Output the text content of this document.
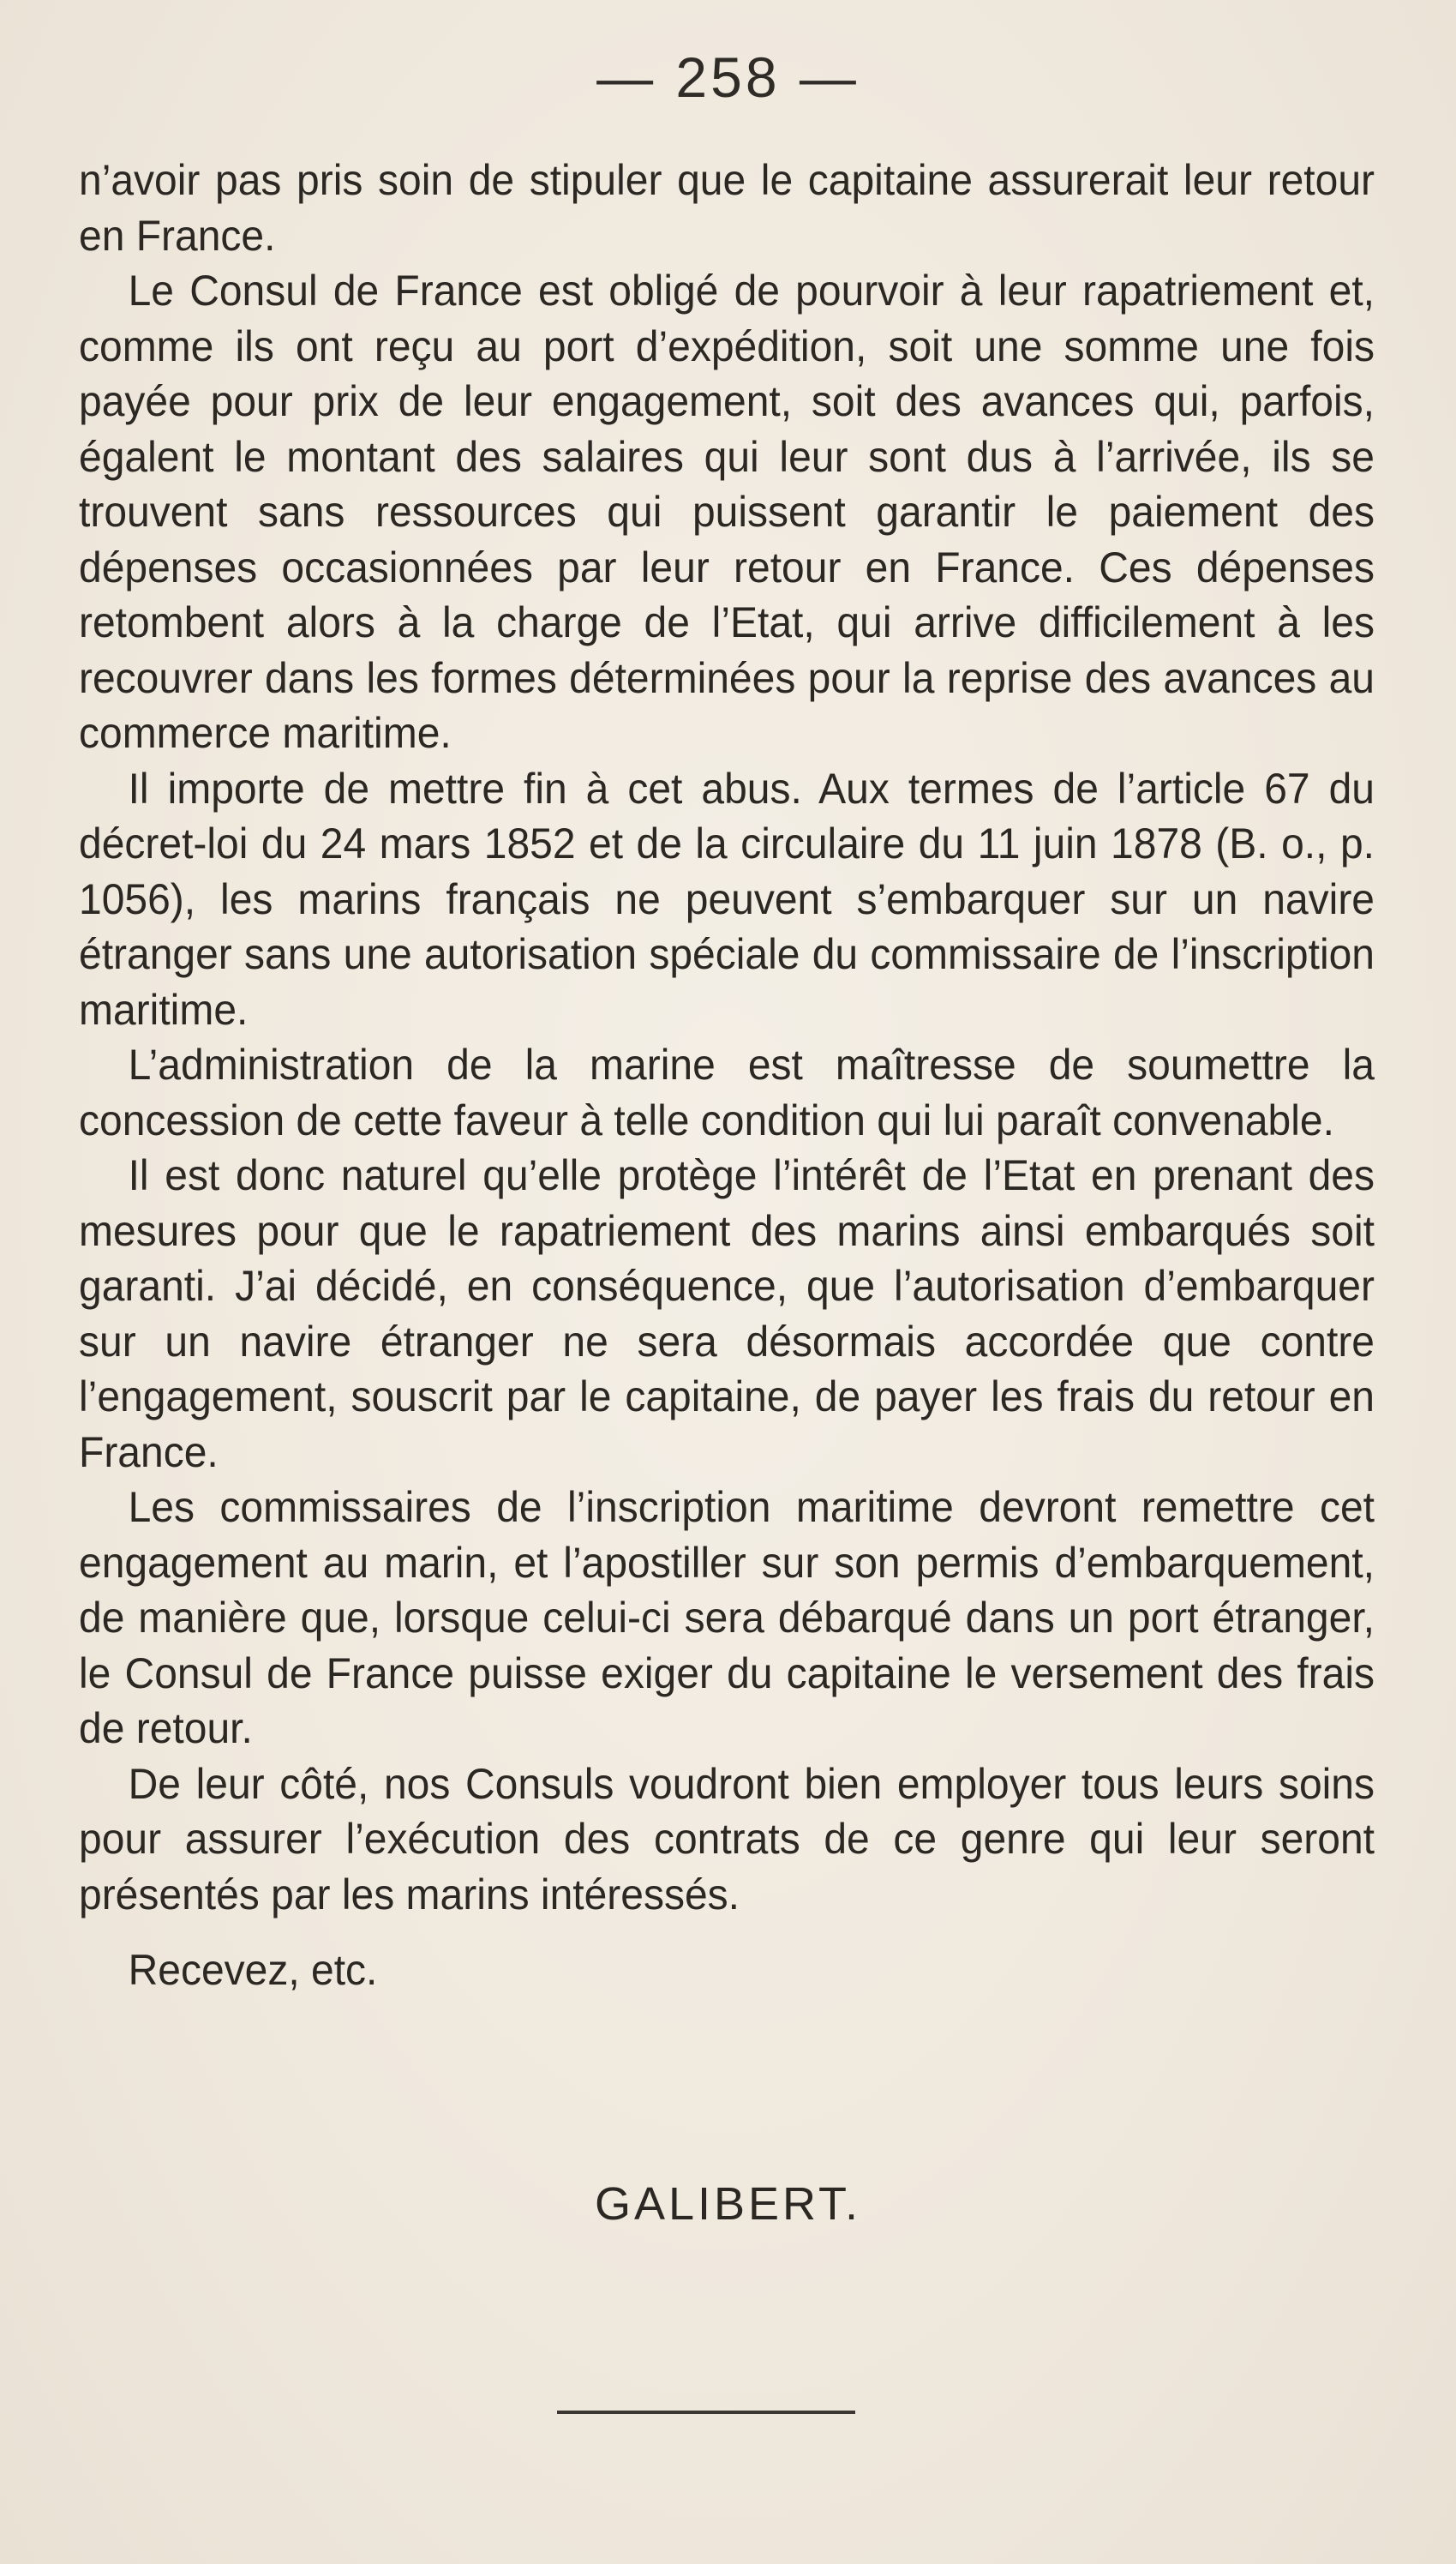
— 258 —

n’avoir pas pris soin de stipuler que le capitaine assurerait leur retour en France.

Le Consul de France est obligé de pourvoir à leur rapatriement et, comme ils ont reçu au port d’expédition, soit une somme une fois payée pour prix de leur engagement, soit des avances qui, parfois, égalent le montant des salaires qui leur sont dus à l’arrivée, ils se trouvent sans ressources qui puissent garantir le paiement des dépenses occasionnées par leur retour en France. Ces dépenses retombent alors à la charge de l’Etat, qui arrive difficilement à les recouvrer dans les formes déterminées pour la reprise des avances au commerce maritime.

Il importe de mettre fin à cet abus. Aux termes de l’article 67 du décret-loi du 24 mars 1852 et de la circulaire du 11 juin 1878 (B. o., p. 1056), les marins français ne peuvent s’embarquer sur un navire étranger sans une autorisation spéciale du commissaire de l’inscription maritime.

L’administration de la marine est maîtresse de soumettre la concession de cette faveur à telle condition qui lui paraît convenable.

Il est donc naturel qu’elle protège l’intérêt de l’Etat en prenant des mesures pour que le rapatriement des marins ainsi embarqués soit garanti. J’ai décidé, en conséquence, que l’autorisation d’embarquer sur un navire étranger ne sera désormais accordée que contre l’engagement, souscrit par le capitaine, de payer les frais du retour en France.

Les commissaires de l’inscription maritime devront remettre cet engagement au marin, et l’apostiller sur son permis d’embarquement, de manière que, lorsque celui-ci sera débarqué dans un port étranger, le Consul de France puisse exiger du capitaine le versement des frais de retour.

De leur côté, nos Consuls voudront bien employer tous leurs soins pour assurer l’exécution des contrats de ce genre qui leur seront présentés par les marins intéressés.

Recevez, etc.

GALIBERT.
